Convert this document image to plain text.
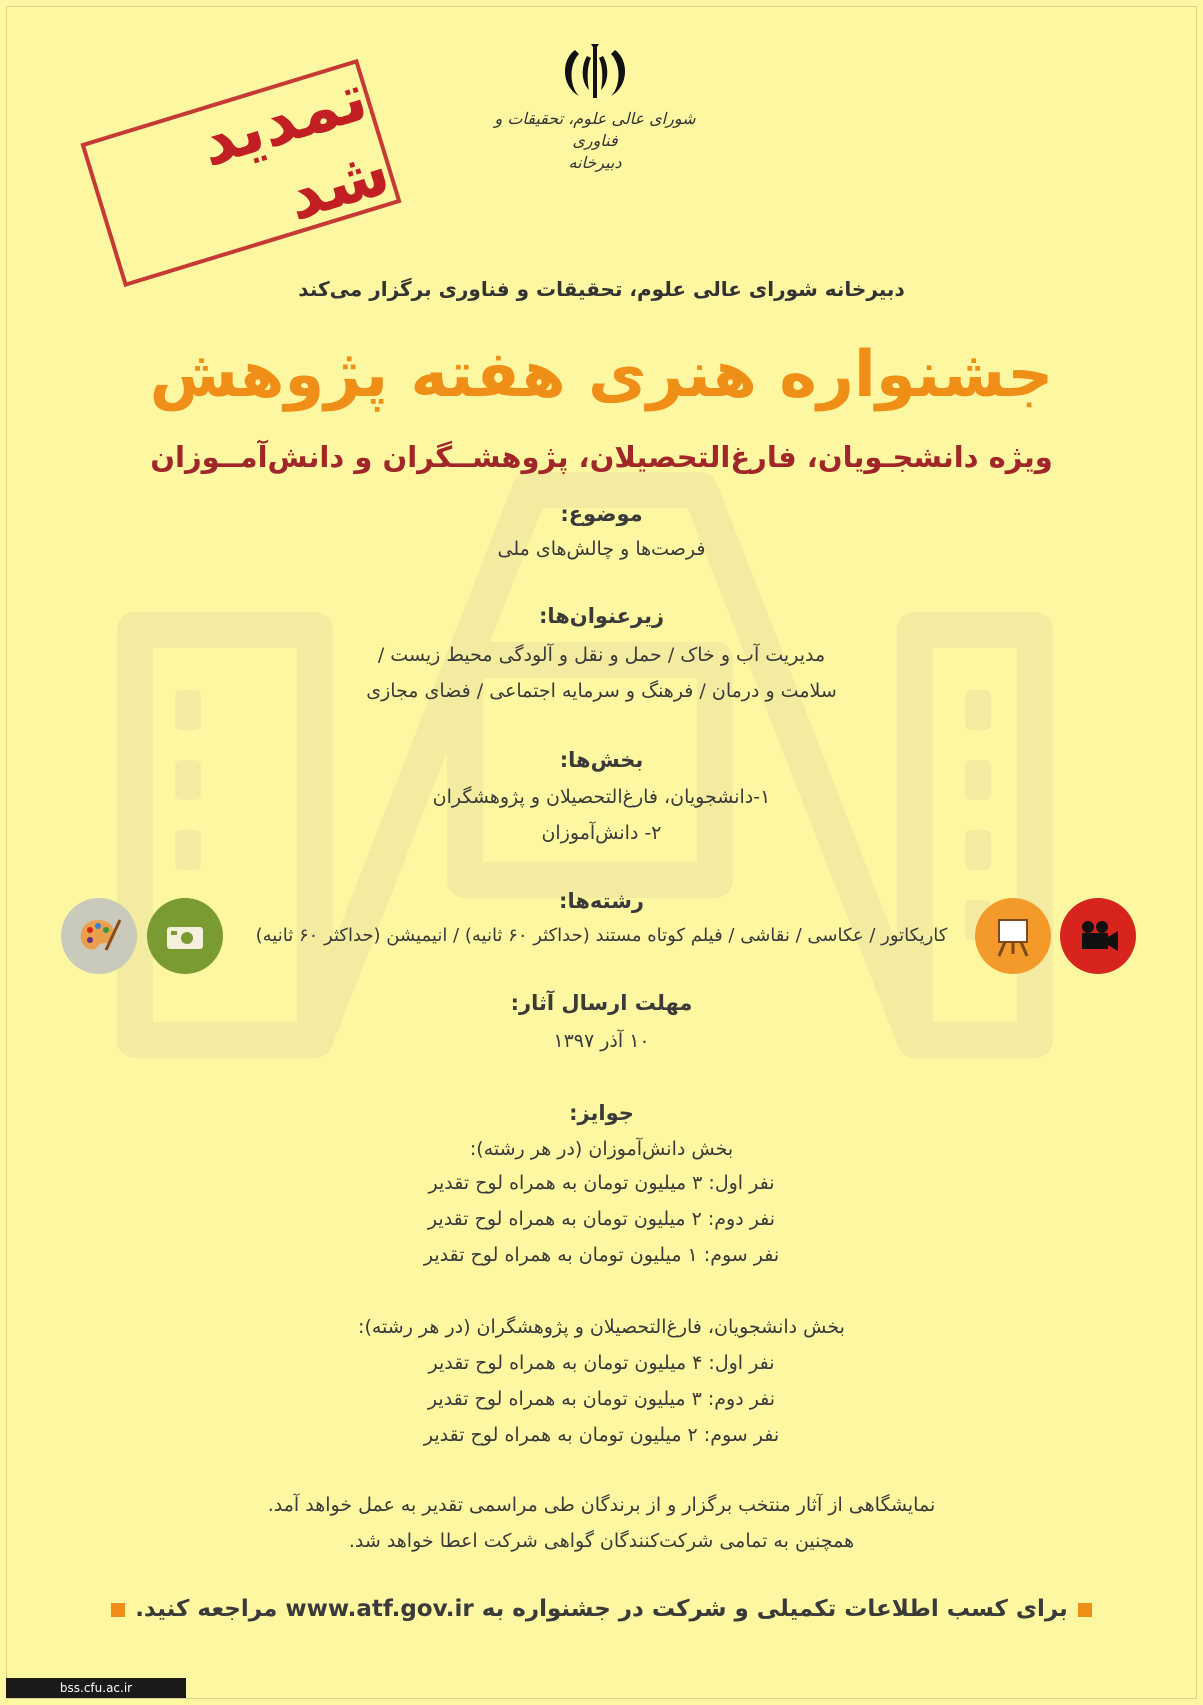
شورای عالی علوم، تحقیقات و فناوری
دبیرخانه
تمدید شد
دبیرخانه شورای عالی علوم، تحقیقات و فناوری برگزار می‌کند
جشنواره هنری هفته پژوهش
ویژه دانشجـویان، فارغ‌التحصیلان، پژوهشــگران و دانش‌آمــوزان
موضوع:
فرصت‌ها و چالش‌های ملی
زیرعنوان‌ها:
مدیریت آب و خاک / حمل و نقل و آلودگی محیط زیست /
سلامت و درمان / فرهنگ و سرمایه اجتماعی / فضای مجازی
بخش‌ها:
۱-دانشجویان، فارغ‌التحصیلان و پژوهشگران
۲- دانش‌آموزان
رشته‌ها:
کاریکاتور / عکاسی / نقاشی / فیلم کوتاه مستند (حداکثر ۶۰ ثانیه) / انیمیشن (حداکثر ۶۰ ثانیه)
مهلت ارسال آثار:
۱۰ آذر ۱۳۹۷
جوایز:
بخش دانش‌آموزان (در هر رشته):
نفر اول: ۳ میلیون تومان به همراه لوح تقدیر
نفر دوم: ۲ میلیون تومان به همراه لوح تقدیر
نفر سوم: ۱ میلیون تومان به همراه لوح تقدیر
بخش دانشجویان، فارغ‌التحصیلان و پژوهشگران (در هر رشته):
نفر اول: ۴ میلیون تومان به همراه لوح تقدیر
نفر دوم: ۳ میلیون تومان به همراه لوح تقدیر
نفر سوم: ۲ میلیون تومان به همراه لوح تقدیر
نمایشگاهی از آثار منتخب برگزار و از برندگان طی مراسمی تقدیر به عمل خواهد آمد.
همچنین به تمامی شرکت‌کنندگان گواهی شرکت اعطا خواهد شد.
برای کسب اطلاعات تکمیلی و شرکت در جشنواره به www.atf.gov.ir مراجعه کنید.
bss.cfu.ac.ir
